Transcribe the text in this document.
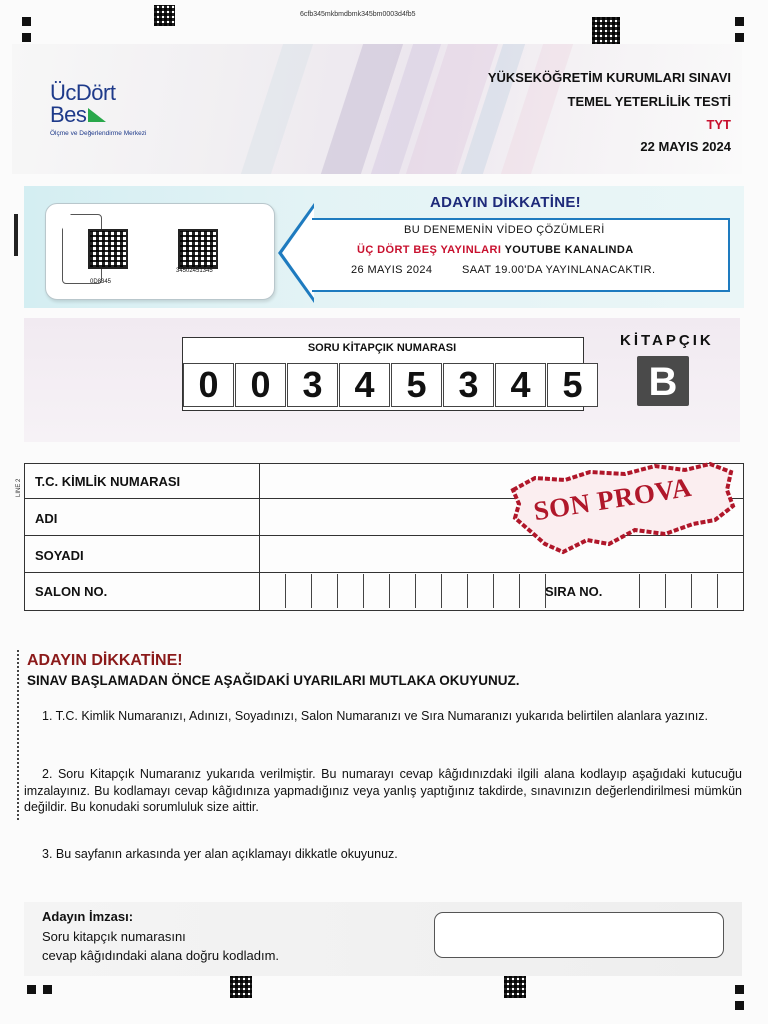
6cfb345mkbmdbmk345bm0003d4fb5
LINE 2
ÜcDört
Bes
Ölçme ve Değerlendirme Merkezi
YÜKSEKÖĞRETİM KURUMLARI SINAVI
TEMEL YETERLİLİK TESTİ
TYT
22 MAYIS 2024
0D8345
34502451345
ADAYIN DİKKATİNE!
BU DENEMENİN VİDEO ÇÖZÜMLERİ
ÜÇ DÖRT BEŞ YAYINLARI YOUTUBE KANALINDA
26 MAYIS 2024	SAAT 19.00'DA YAYINLANACAKTIR.
SORU KİTAPÇIK NUMARASI
0 0 3 4 5 3 4 5
KİTAPÇIK
B
T.C. KİMLİK NUMARASI
ADI
SOYADI
SALON NO.	SIRA NO.
SON PROVA
ADAYIN DİKKATİNE!
SINAV BAŞLAMADAN ÖNCE AŞAĞIDAKİ UYARILARI MUTLAKA OKUYUNUZ.
1. T.C. Kimlik Numaranızı, Adınızı, Soyadınızı, Salon Numaranızı ve Sıra Numaranızı yukarıda belirtilen alanlara yazınız.
2. Soru Kitapçık Numaranız yukarıda verilmiştir. Bu numarayı cevap kâğıdınızdaki ilgili alana kodlayıp aşağıdaki kutucuğu imzalayınız. Bu kodlamayı cevap kâğıdınıza yapmadığınız veya yanlış yaptığınız takdirde, sınavınızın değerlendirilmesi mümkün değildir. Bu konudaki sorumluluk size aittir.
3. Bu sayfanın arkasında yer alan açıklamayı dikkatle okuyunuz.
Adayın İmzası:
Soru kitapçık numarasını
cevap kâğıdındaki alana doğru kodladım.
